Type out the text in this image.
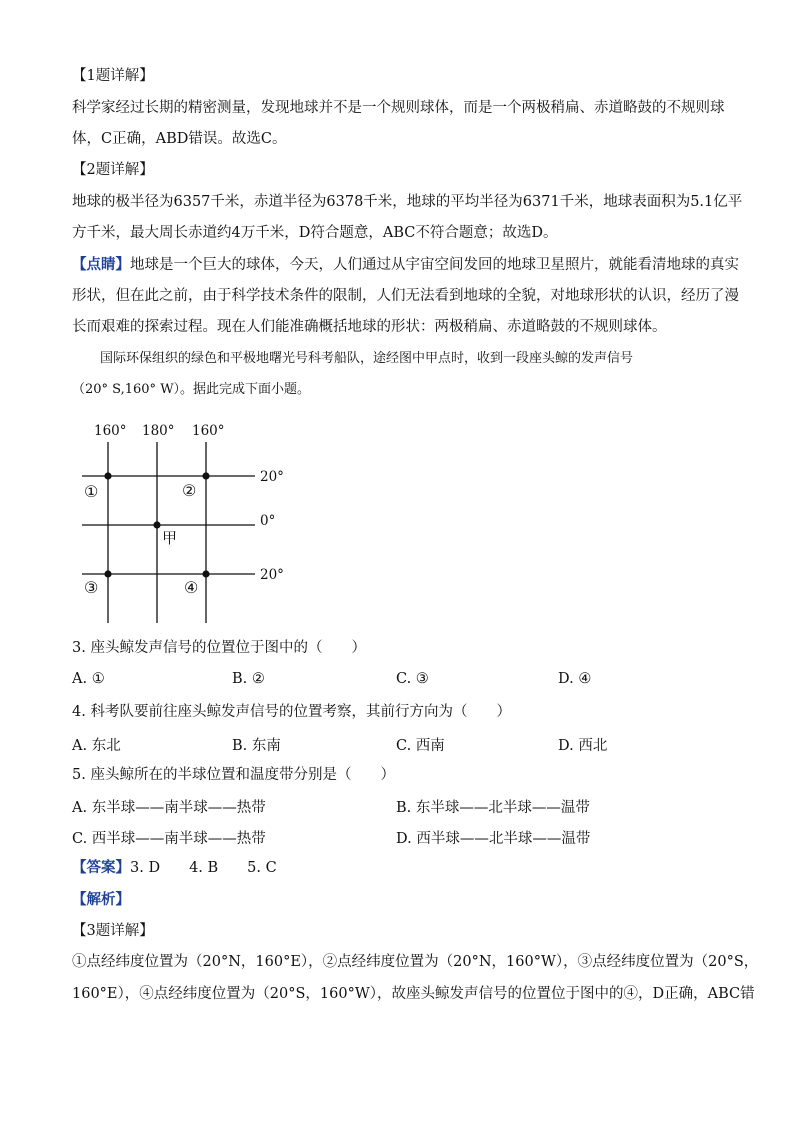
【1题详解】
科学家经过长期的精密测量，发现地球并不是一个规则球体，而是一个两极稍扁、赤道略鼓的不规则球
体，C正确，ABD错误。故选C。
【2题详解】
地球的极半径为6357千米，赤道半径为6378千米，地球的平均半径为6371千米，地球表面积为5.1亿平
方千米，最大周长赤道约4万千米，D符合题意，ABC不符合题意；故选D。
【点睛】地球是一个巨大的球体，今天，人们通过从宇宙空间发回的地球卫星照片，就能看清地球的真实
形状，但在此之前，由于科学技术条件的限制，人们无法看到地球的全貌，对地球形状的认识，经历了漫
长而艰难的探索过程。现在人们能准确概括地球的形状：两极稍扁、赤道略鼓的不规则球体。
国际环保组织的绿色和平极地曙光号科考船队，途经图中甲点时，收到一段座头鲸的发声信号
（20° S,160° W）。据此完成下面小题。
160° 180° 160°
20°
0°
20°
①	②
③	④
甲
3. 座头鲸发声信号的位置位于图中的（　　）
A. ①	B. ②	C. ③	D. ④
4. 科考队要前往座头鲸发声信号的位置考察，其前行方向为（　　）
A. 东北	B. 东南	C. 西南	D. 西北
5. 座头鲸所在的半球位置和温度带分别是（　　）
A. 东半球——南半球——热带	B. 东半球——北半球——温带
C. 西半球——南半球——热带	D. 西半球——北半球——温带
【答案】3. D　　4. B　　5. C
【解析】
【3题详解】
①点经纬度位置为（20°N，160°E），②点经纬度位置为（20°N，160°W），③点经纬度位置为（20°S，
160°E），④点经纬度位置为（20°S，160°W），故座头鲸发声信号的位置位于图中的④，D正确，ABC错
